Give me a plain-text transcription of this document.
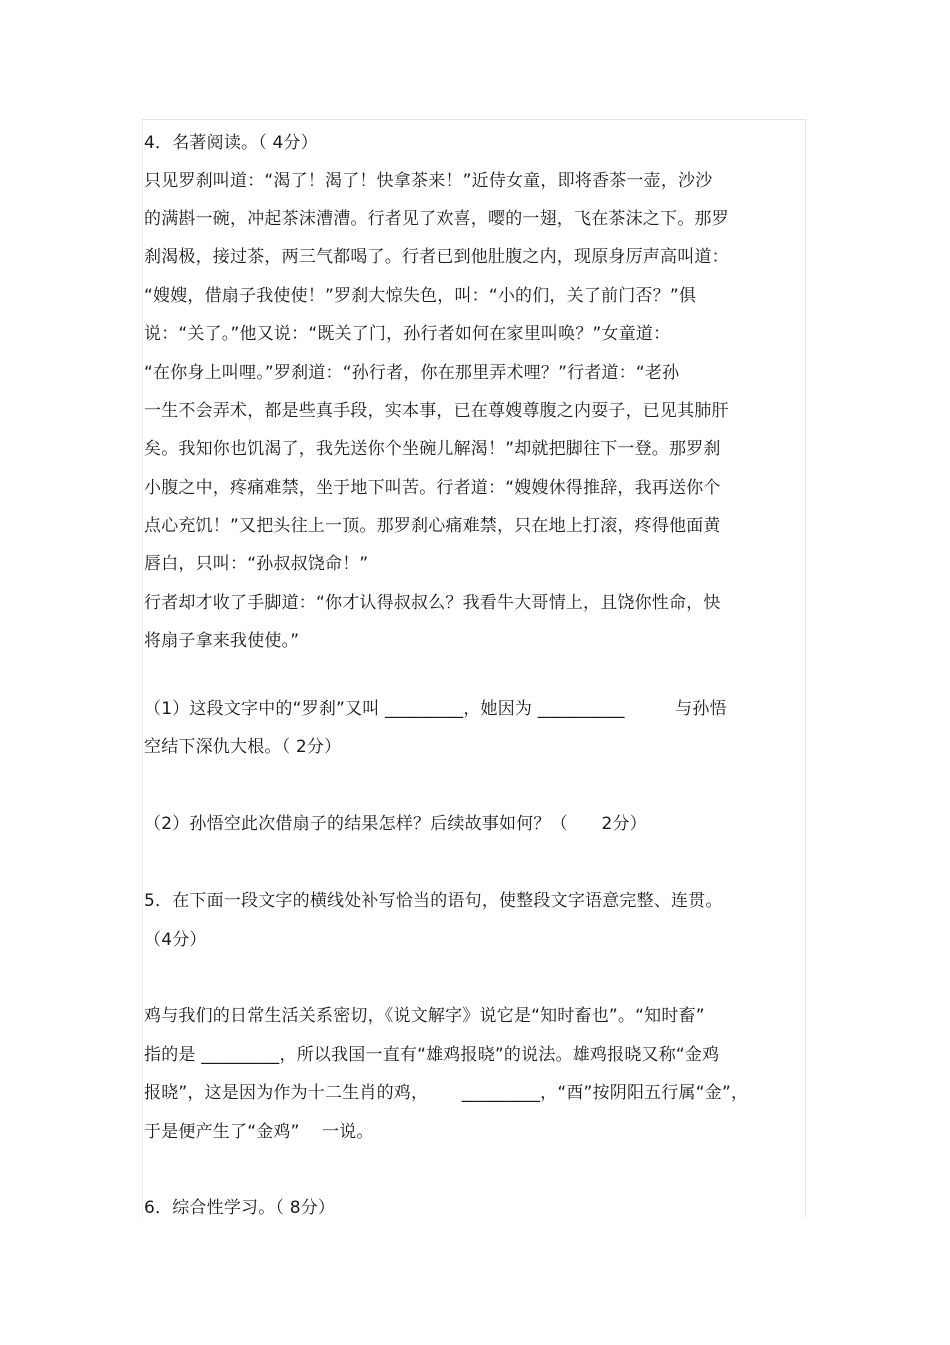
4．名著阅读。（ 4分）
只见罗刹叫道：“渴了！渴了！快拿茶来！”近侍女童，即将香茶一壶，沙沙
的满斟一碗，冲起茶沫漕漕。行者见了欢喜，嘤的一翅，飞在茶沫之下。那罗
刹渴极，接过茶，两三气都喝了。行者已到他肚腹之内，现原身厉声高叫道：
“嫂嫂，借扇子我使使！”罗刹大惊失色，叫：“小的们，关了前门否？”俱
说：“关了。”他又说：“既关了门，孙行者如何在家里叫唤？”女童道：
“在你身上叫哩。”罗刹道：“孙行者，你在那里弄术哩？”行者道：“老孙
一生不会弄术，都是些真手段，实本事，已在尊嫂尊腹之内耍子，已见其肺肝
矣。我知你也饥渴了，我先送你个坐碗儿解渴！”却就把脚往下一登。那罗刹
小腹之中，疼痛难禁，坐于地下叫苦。行者道：“嫂嫂休得推辞，我再送你个
点心充饥！”又把头往上一顶。那罗刹心痛难禁，只在地上打滚，疼得他面黄
唇白，只叫：“孙叔叔饶命！”
行者却才收了手脚道：“你才认得叔叔么？我看牛大哥情上，且饶你性命，快
将扇子拿来我使使。”
（1）这段文字中的“罗刹”又叫 _________，她因为 __________         与孙悟
空结下深仇大根。（ 2分）
（2）孙悟空此次借扇子的结果怎样？后续故事如何？（      2分）
5．在下面一段文字的横线处补写恰当的语句，使整段文字语意完整、连贯。
（4分）
鸡与我们的日常生活关系密切，《说文解字》说它是“知时畜也”。“知时畜”
指的是 _________，所以我国一直有“雄鸡报晓”的说法。雄鸡报晓又称“金鸡
报晓”，这是因为作为十二生肖的鸡，      _________，“酉”按阴阳五行属“金”，
于是便产生了“金鸡”    一说。
6．综合性学习。（ 8分）
